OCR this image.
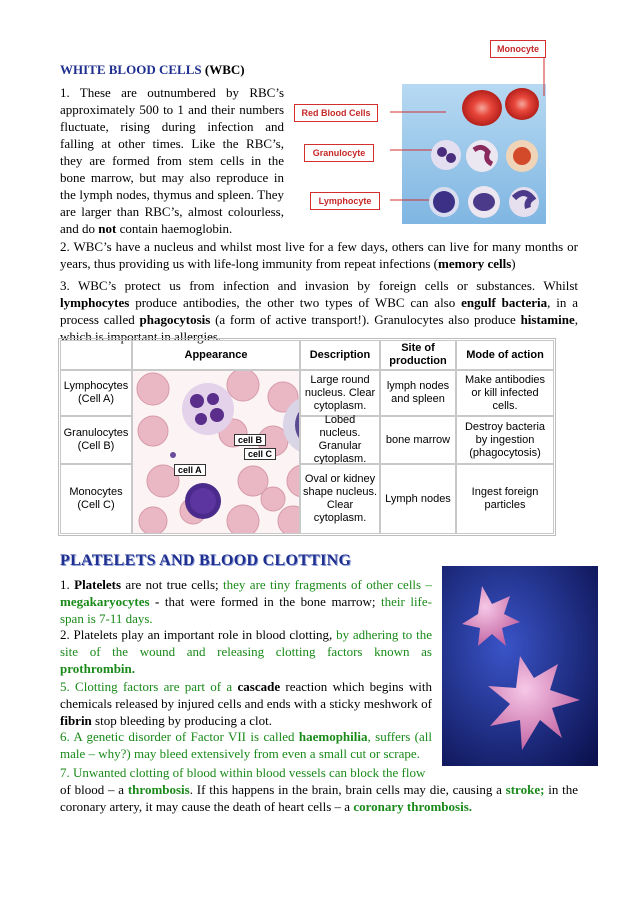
WHITE BLOOD CELLS (WBC)

1. These are outnumbered by RBC’s approximately 500 to 1 and their numbers fluctuate, rising during infection and falling at other times. Like the RBC’s, they are formed from stem cells in the bone marrow, but may also reproduce in the lymph nodes, thymus and spleen. They are larger than RBC’s, almost colourless, and do not contain haemoglobin.

Monocyte
Red Blood Cells
Granulocyte
Lymphocyte

2. WBC’s have a nucleus and whilst most live for a few days, others can live for many months or years, thus providing us with life-long immunity from repeat infections (memory cells)

3. WBC’s protect us from infection and invasion by foreign cells or substances. Whilst lymphocytes produce antibodies, the other two types of WBC can also engulf bacteria, in a process called phagocytosis (a form of active transport!). Granulocytes also produce histamine, which is important in allergies.

Appearance	Description
Site of production
Lymphocytes (Cell A)
Large round nucleus. Clear cytoplasm.
lymph nodes and spleen
Granulocytes (Cell B)
Lobed nucleus. Granular cytoplasm.
bone marrow
Monocytes (Cell C)
Oval or kidney shape nucleus. Clear cytoplasm.
Lymph nodes
cell B
cell C
cell A
Mode of action
Make antibodies or kill infected cells.
Destroy bacteria by ingestion (phagocytosis)
Ingest foreign particles
PLATELETS AND BLOOD CLOTTING

1. Platelets are not true cells; they are tiny fragments of other cells – megakaryocytes - that were formed in the bone marrow; their life-span is 7-11 days.

2. Platelets play an important role in blood clotting, by adhering to the site of the wound and releasing clotting factors known as prothrombin.

5. Clotting factors are part of a cascade reaction which begins with chemicals released by injured cells and ends with a sticky meshwork of fibrin stop bleeding by producing a clot.

6. A genetic disorder of Factor VII is called haemophilia, suffers (all male – why?) may bleed extensively from even a small cut or scrape.

7. Unwanted clotting of blood within blood vessels can block the flow

of blood – a thrombosis. If this happens in the brain, brain cells may die, causing a stroke; in the coronary artery, it may cause the death of heart cells – a coronary thrombosis.
